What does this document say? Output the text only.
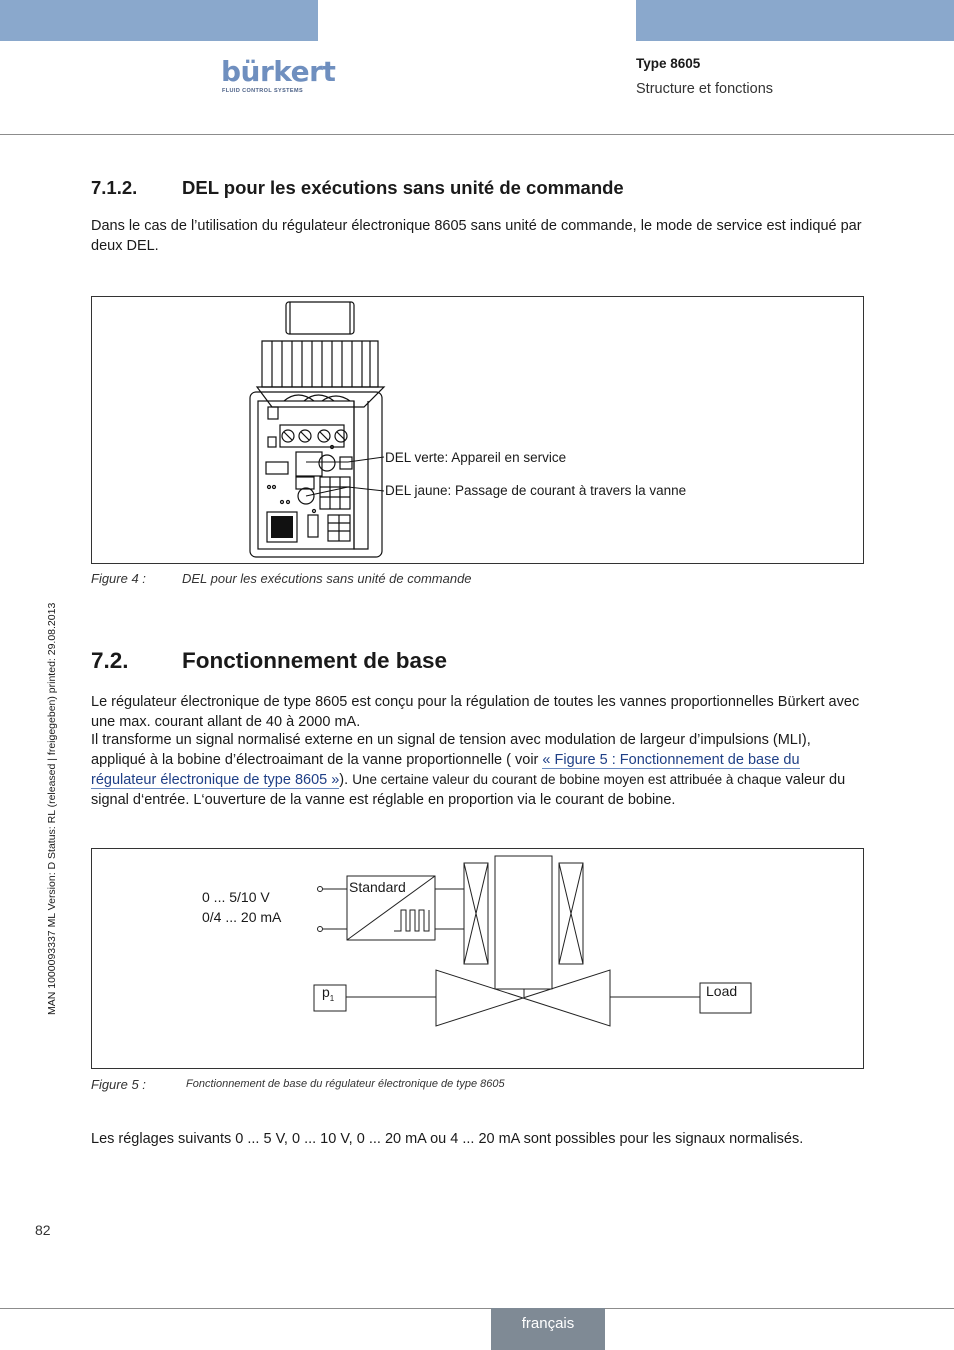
bürkert
FLUID CONTROL SYSTEMS
Type 8605
Structure et fonctions
MAN 1000093337 ML Version: D Status: RL (released | freigegeben) printed: 29.08.2013
7.1.2. DEL pour les exécutions sans unité de commande

Dans le cas de l’utilisation du régulateur électronique 8605 sans unité de commande, le mode de service est indiqué par deux DEL.

DEL verte: Appareil en service
DEL jaune: Passage de courant à travers la vanne
Figure 4 :	DEL pour les exécutions sans unité de commande
7.2. Fonctionnement de base

Le régulateur électronique de type 8605 est conçu pour la régulation de toutes les vannes proportionnelles Bürkert avec une max. courant allant de 40 à 2000 mA.

Il transforme un signal normalisé externe en un signal de tension avec modulation de largeur d’impulsions (MLI), appliqué à la bobine d’électroaimant de la vanne proportionnelle ( voir « Figure 5 : Fonctionnement de base du régulateur électronique de type 8605 »). Une certaine valeur du courant de bobine moyen est attribuée à chaque valeur du signal d‘entrée. L‘ouverture de la vanne est réglable en proportion via le courant de bobine.

0 ... 5/10 V
0/4 ... 20 mA
Standard
$p_1$	Load
Figure 5 :	Fonctionnement de base du régulateur électronique de type 8605

Les réglages suivants 0 ... 5 V, 0 ... 10 V, 0 ... 20 mA ou 4 ... 20 mA sont possibles pour les signaux normalisés.

82
français
